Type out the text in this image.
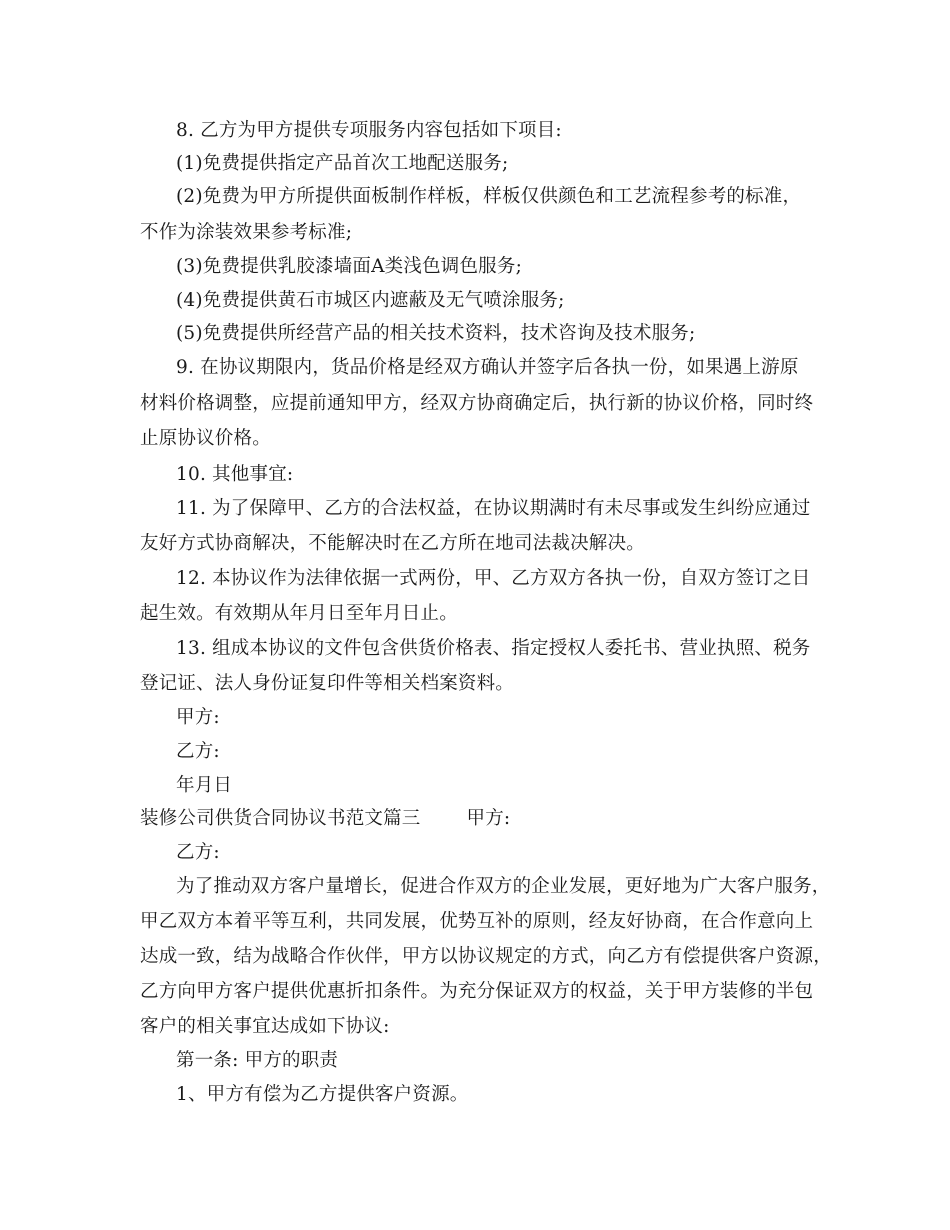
8. 乙方为甲方提供专项服务内容包括如下项目:
(1)免费提供指定产品首次工地配送服务;
(2)免费为甲方所提供面板制作样板，样板仅供颜色和工艺流程参考的标准，
不作为涂装效果参考标准;
(3)免费提供乳胶漆墙面A类浅色调色服务;
(4)免费提供黄石市城区内遮蔽及无气喷涂服务;
(5)免费提供所经营产品的相关技术资料，技术咨询及技术服务;
9. 在协议期限内，货品价格是经双方确认并签字后各执一份，如果遇上游原
材料价格调整，应提前通知甲方，经双方协商确定后，执行新的协议价格，同时终
止原协议价格。
10. 其他事宜:
11. 为了保障甲、乙方的合法权益，在协议期满时有未尽事或发生纠纷应通过
友好方式协商解决，不能解决时在乙方所在地司法裁决解决。
12. 本协议作为法律依据一式两份，甲、乙方双方各执一份，自双方签订之日
起生效。有效期从年月日至年月日止。
13. 组成本协议的文件包含供货价格表、指定授权人委托书、营业执照、税务
登记证、法人身份证复印件等相关档案资料。
甲方:
乙方:
年月日
装修公司供货合同协议书范文篇三 甲方:
乙方:
为了推动双方客户量增长，促进合作双方的企业发展，更好地为广大客户服务，
甲乙双方本着平等互利，共同发展，优势互补的原则，经友好协商，在合作意向上
达成一致，结为战略合作伙伴，甲方以协议规定的方式，向乙方有偿提供客户资源，
乙方向甲方客户提供优惠折扣条件。为充分保证双方的权益，关于甲方装修的半包
客户的相关事宜达成如下协议:
第一条: 甲方的职责
1、甲方有偿为乙方提供客户资源。
